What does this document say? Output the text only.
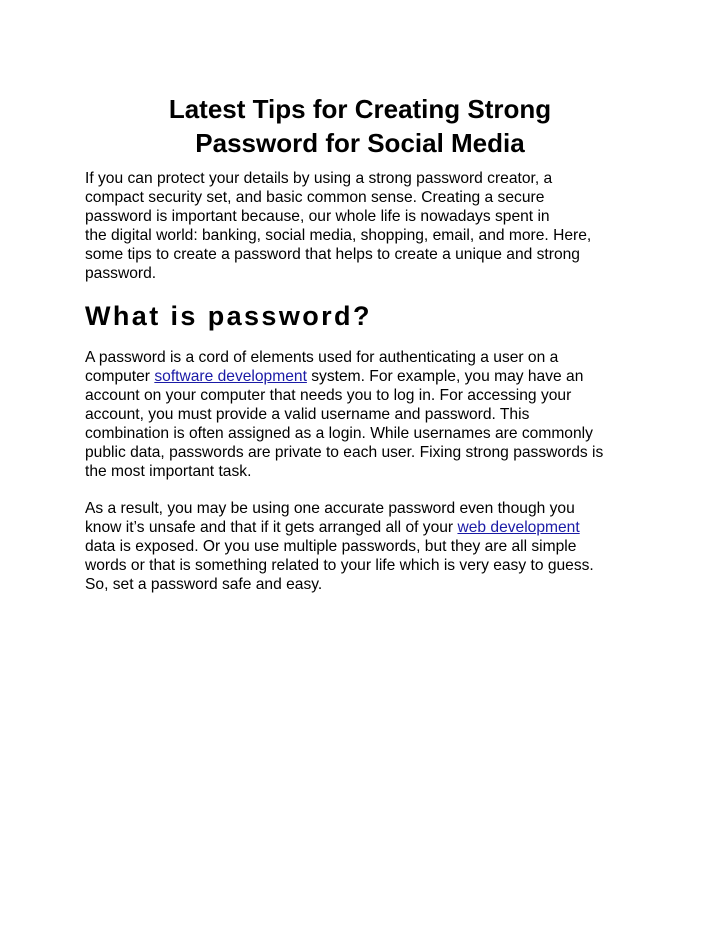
Latest Tips for Creating Strong
Password for Social Media

If you can protect your details by using a strong password creator, a
compact security set, and basic common sense. Creating a secure
password is important because, our whole life is nowadays spent in
the digital world: banking, social media, shopping, email, and more. Here,
some tips to create a password that helps to create a unique and strong
password.

What is password?

A password is a cord of elements used for authenticating a user on a
computer software development system. For example, you may have an
account on your computer that needs you to log in. For accessing your
account, you must provide a valid username and password. This
combination is often assigned as a login. While usernames are commonly
public data, passwords are private to each user. Fixing strong passwords is
the most important task.

As a result, you may be using one accurate password even though you
know it’s unsafe and that if it gets arranged all of your web development
data is exposed. Or you use multiple passwords, but they are all simple
words or that is something related to your life which is very easy to guess.
So, set a password safe and easy.
